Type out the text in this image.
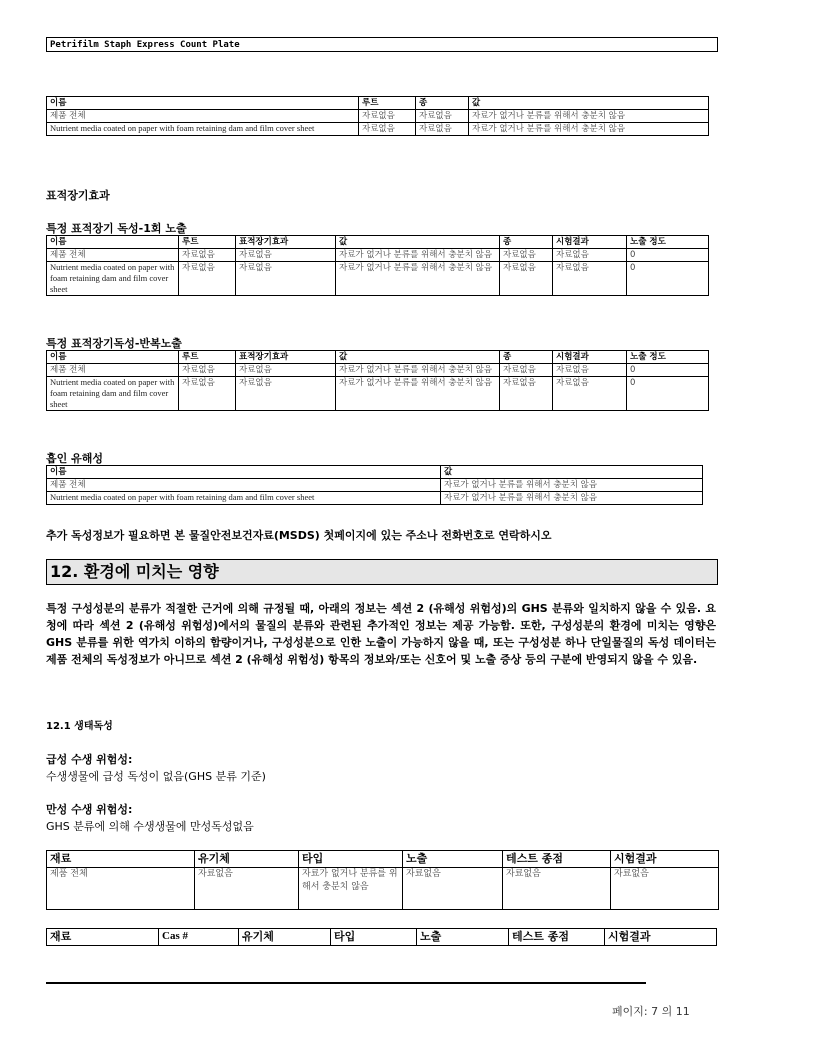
Petrifilm Staph Express Count Plate
이름	루트	종	값
제품 전체	자료없음	자료없음	자료가 없거나 분류를 위해서 충분치 않음
Nutrient media coated on paper with foam retaining dam and film cover sheet	자료없음	자료없음	자료가 없거나 분류를 위해서 충분치 않음
표적장기효과
특정 표적장기 독성-1회 노출
이름	루트	표적장기효과	값	종	시험결과	노출 정도
제품 전체	자료없음	자료없음	자료가 없거나 분류를 위해서 충분치 않음	자료없음	자료없음	0
Nutrient media coated on paper with foam retaining dam and film cover sheet	자료없음	자료없음	자료가 없거나 분류를 위해서 충분치 않음	자료없음	자료없음	0
특정 표적장기독성-반복노출
이름	루트	표적장기효과	값	종	시험결과	노출 정도
제품 전체	자료없음	자료없음	자료가 없거나 분류를 위해서 충분치 않음	자료없음	자료없음	0
Nutrient media coated on paper with foam retaining dam and film cover sheet	자료없음	자료없음	자료가 없거나 분류를 위해서 충분치 않음	자료없음	자료없음	0
흡인 유해성
이름	값
제품 전체	자료가 없거나 분류를 위해서 충분치 않음
Nutrient media coated on paper with foam retaining dam and film cover sheet	자료가 없거나 분류를 위해서 충분치 않음
추가 독성정보가 필요하면 본 물질안전보건자료(MSDS) 첫페이지에 있는 주소나 전화번호로 연락하시오
12. 환경에 미치는 영향
특정 구성성분의 분류가 적절한 근거에 의해 규정될 때, 아래의 정보는 섹션 2 (유해성 위험성)의 GHS 분류와 일치하지 않을 수 있음. 요청에 따라 섹션 2 (유해성 위험성)에서의 물질의 분류와 관련된 추가적인 정보는 제공 가능함. 또한, 구성성분의 환경에 미치는 영향은 GHS 분류를 위한 역가치 이하의 함량이거나, 구성성분으로 인한 노출이 가능하지 않을 때, 또는 구성성분 하나 단일물질의 독성 데이터는 제품 전체의 독성정보가 아니므로 섹션 2 (유해성 위험성) 항목의 정보와/또는 신호어 및 노출 증상 등의 구분에 반영되지 않을 수 있음.
12.1 생태독성
급성 수생 위험성:
수생생물에 급성 독성이 없음(GHS 분류 기준)
만성 수생 위험성:
GHS 분류에 의해 수생생물에 만성독성없음
재료	유기체	타입	노출	테스트 종점	시험결과
제품 전체	자료없음	자료가 없거나 분류를 위해서 충분치 않음	자료없음	자료없음	자료없음
재료	Cas #	유기체	타입	노출	테스트 종점	시험결과
페이지: 7 의 11
